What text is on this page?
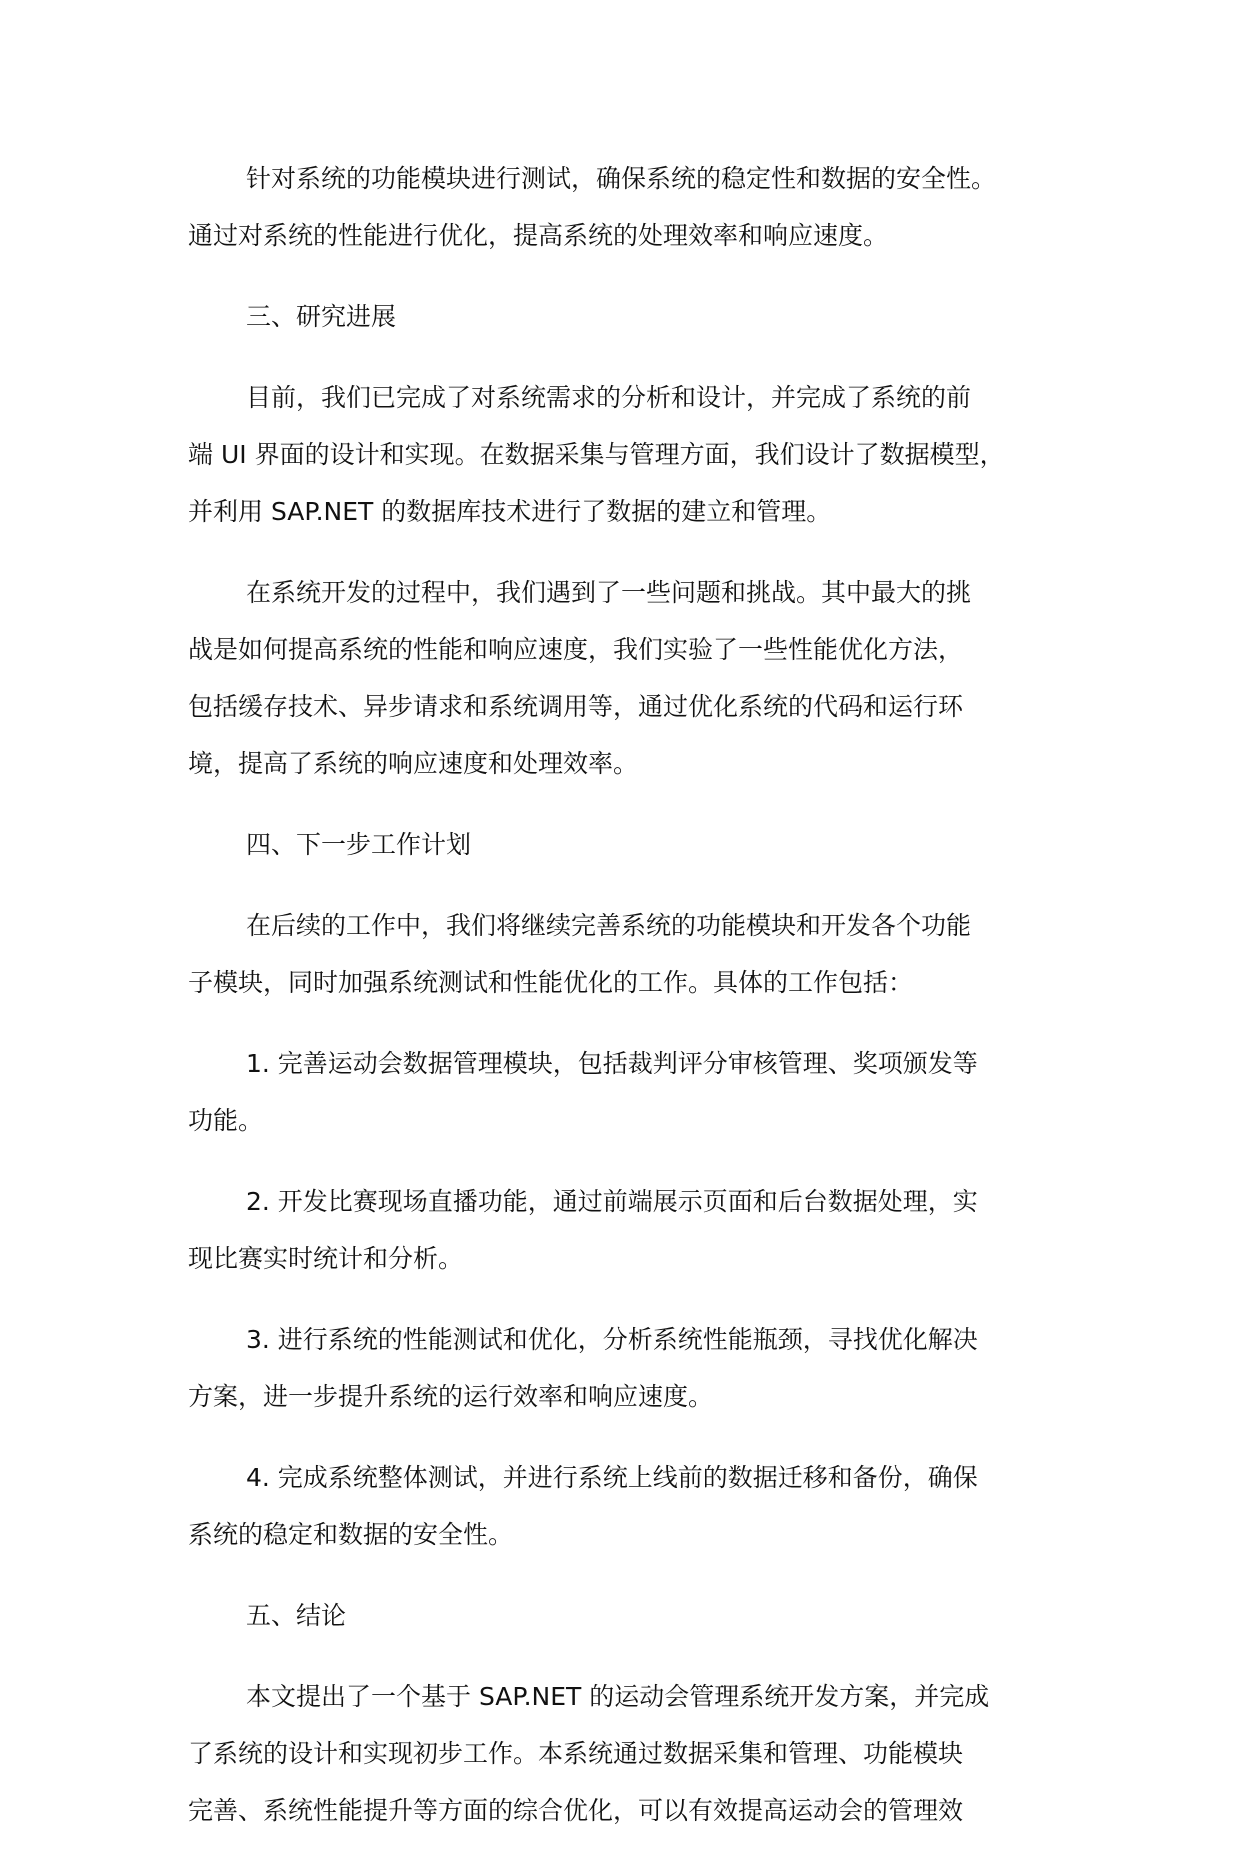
针对系统的功能模块进行测试，确保系统的稳定性和数据的安全性。
通过对系统的性能进行优化，提高系统的处理效率和响应速度。
三、研究进展
目前，我们已完成了对系统需求的分析和设计，并完成了系统的前
端 UI 界面的设计和实现。在数据采集与管理方面，我们设计了数据模型，
并利用 SAP.NET 的数据库技术进行了数据的建立和管理。
在系统开发的过程中，我们遇到了一些问题和挑战。其中最大的挑
战是如何提高系统的性能和响应速度，我们实验了一些性能优化方法，
包括缓存技术、异步请求和系统调用等，通过优化系统的代码和运行环
境，提高了系统的响应速度和处理效率。
四、下一步工作计划
在后续的工作中，我们将继续完善系统的功能模块和开发各个功能
子模块，同时加强系统测试和性能优化的工作。具体的工作包括：
1. 完善运动会数据管理模块，包括裁判评分审核管理、奖项颁发等
功能。
2. 开发比赛现场直播功能，通过前端展示页面和后台数据处理，实
现比赛实时统计和分析。
3. 进行系统的性能测试和优化，分析系统性能瓶颈，寻找优化解决
方案，进一步提升系统的运行效率和响应速度。
4. 完成系统整体测试，并进行系统上线前的数据迁移和备份，确保
系统的稳定和数据的安全性。
五、结论
本文提出了一个基于 SAP.NET 的运动会管理系统开发方案，并完成
了系统的设计和实现初步工作。本系统通过数据采集和管理、功能模块
完善、系统性能提升等方面的综合优化，可以有效提高运动会的管理效
